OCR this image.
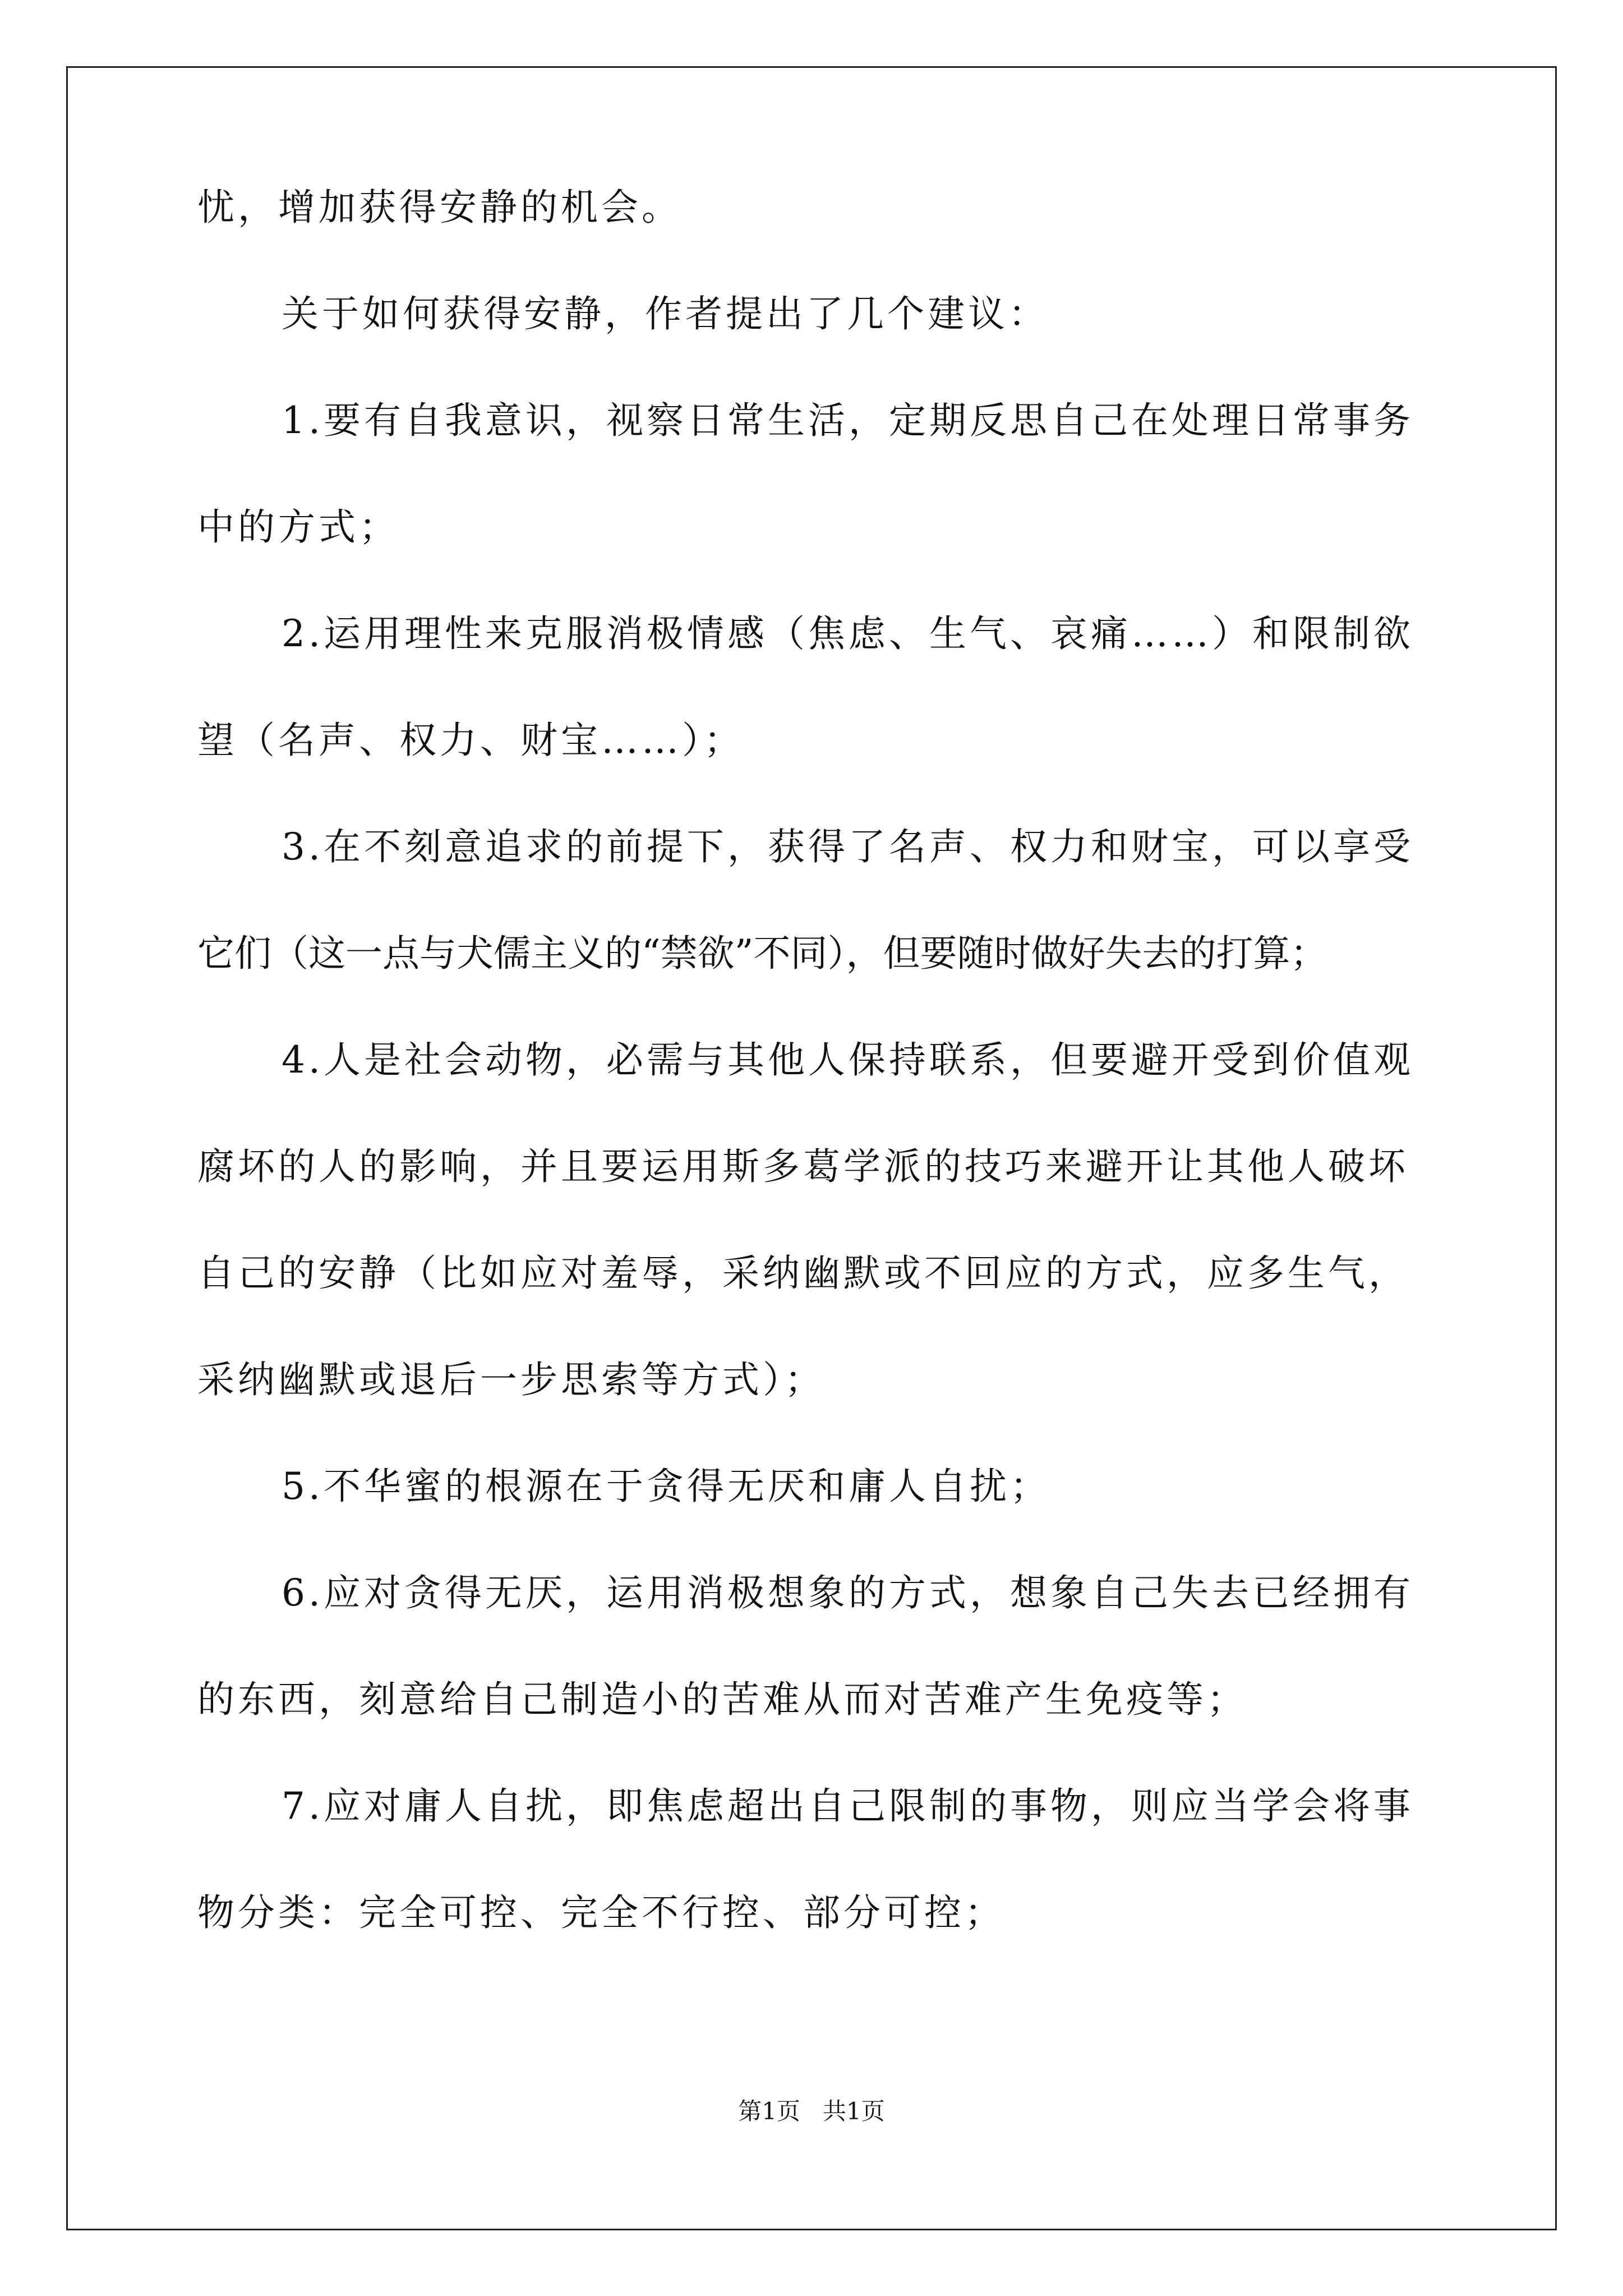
忧，增加获得安静的机会。
关于如何获得安静，作者提出了几个建议：
1.要有自我意识，视察日常生活，定期反思自己在处理日常事务
中的方式；
2.运用理性来克服消极情感（焦虑、生气、哀痛……）和限制欲
望（名声、权力、财宝……）；
3.在不刻意追求的前提下，获得了名声、权力和财宝，可以享受
它们（这一点与犬儒主义的“禁欲”不同），但要随时做好失去的打算；
4.人是社会动物，必需与其他人保持联系，但要避开受到价值观
腐坏的人的影响，并且要运用斯多葛学派的技巧来避开让其他人破坏
自己的安静（比如应对羞辱，采纳幽默或不回应的方式，应多生气，
采纳幽默或退后一步思索等方式）；
5.不华蜜的根源在于贪得无厌和庸人自扰；
6.应对贪得无厌，运用消极想象的方式，想象自己失去已经拥有
的东西，刻意给自己制造小的苦难从而对苦难产生免疫等；
7.应对庸人自扰，即焦虑超出自己限制的事物，则应当学会将事
物分类：完全可控、完全不行控、部分可控；
第1页   共1页
